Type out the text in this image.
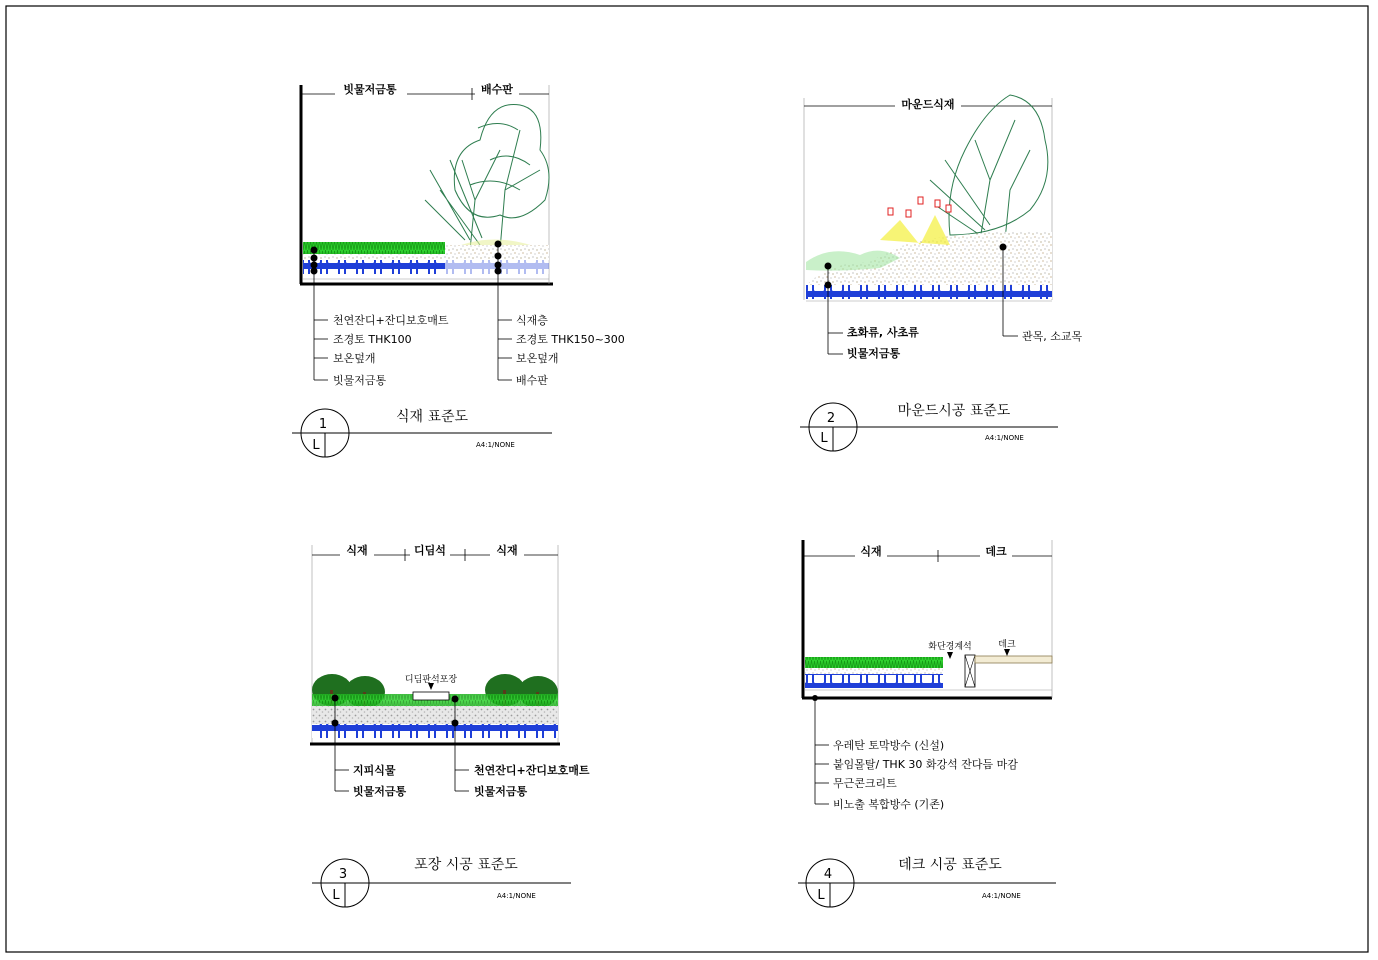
빗물저금통	배수판
천연잔디+잔디보호매트
조경토 THK100
보온덮개
빗물저금통
식재층
조경토 THK150~300
보온덮개
배수판
1
L
식재 표준도
A4:1/NONE
마운드식재
초화류, 사초류
빗물저금통
관목, 소교목
2
L
마운드시공 표준도
A4:1/NONE
식재	디딤석	식재
디딤판석포장
지피식물
빗물저금통
천연잔디+잔디보호매트
빗물저금통
3
L
포장 시공 표준도
A4:1/NONE
식재	데크
화단경계석	데크
우레탄 토막방수 (신설)
붙임몰탈/ THK 30 화강석 잔다듬 마감
무근콘크리트
비노출 복합방수 (기존)
4
L
데크 시공 표준도
A4:1/NONE
